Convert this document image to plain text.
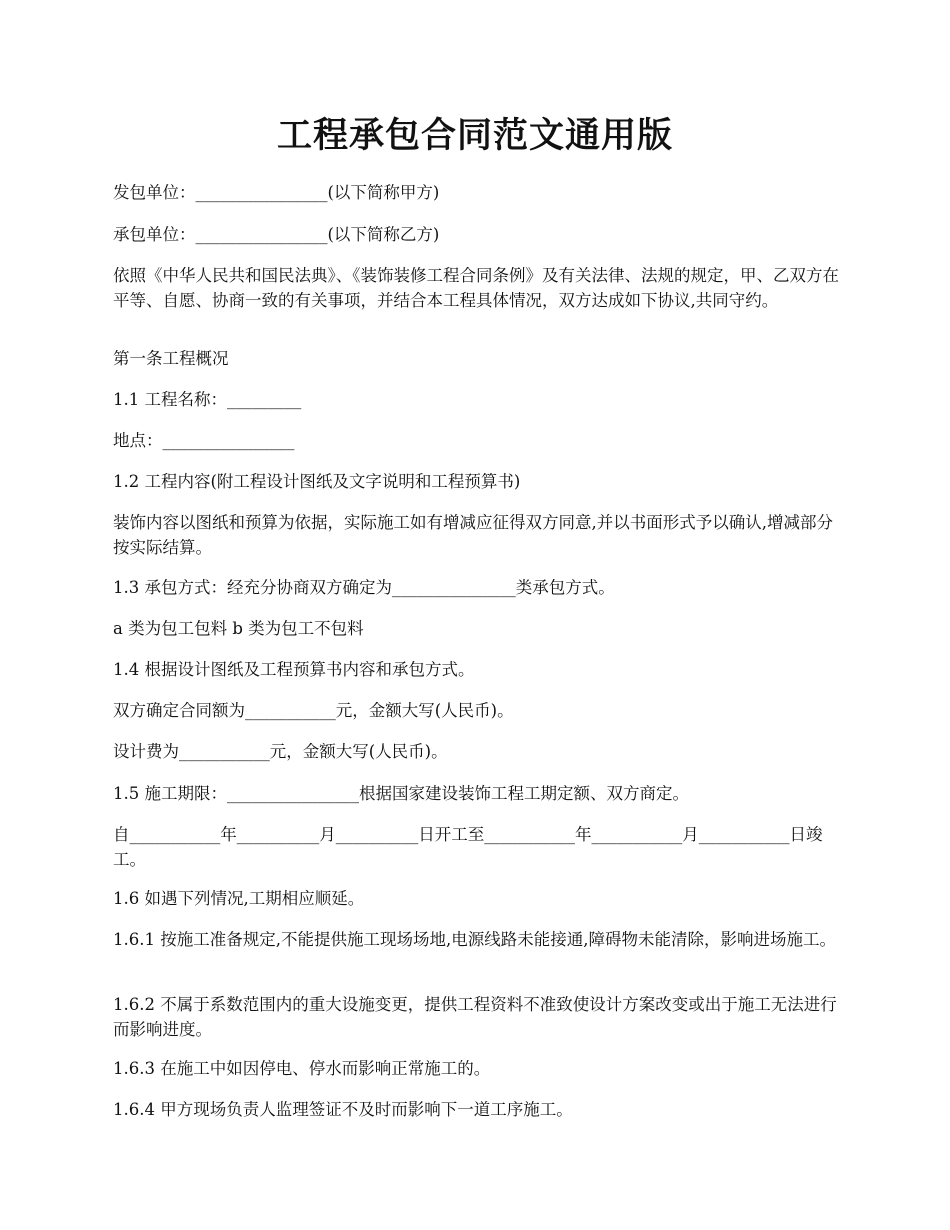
工程承包合同范文通用版

发包单位：________________(以下简称甲方)

承包单位：________________(以下简称乙方)

依照《中华人民共和国民法典》、《装饰装修工程合同条例》及有关法律、法规的规定，甲、乙双方在平等、自愿、协商一致的有关事项，并结合本工程具体情况，双方达成如下协议,共同守约。

第一条工程概况

1.1 工程名称：_________

地点：________________

1.2 工程内容(附工程设计图纸及文字说明和工程预算书)

装饰内容以图纸和预算为依据，实际施工如有增减应征得双方同意,并以书面形式予以确认,增减部分按实际结算。

1.3 承包方式：经充分协商双方确定为_______________类承包方式。

a 类为包工包料 b 类为包工不包料

1.4 根据设计图纸及工程预算书内容和承包方式。

双方确定合同额为___________元，金额大写(人民币)。

设计费为___________元，金额大写(人民币)。

1.5 施工期限：________________根据国家建设装饰工程工期定额、双方商定。

自___________年__________月__________日开工至___________年___________月___________日竣工。

1.6 如遇下列情况,工期相应顺延。

1.6.1 按施工准备规定,不能提供施工现场场地,电源线路未能接通,障碍物未能清除，影响进场施工。

1.6.2 不属于系数范围内的重大设施变更，提供工程资料不准致使设计方案改变或出于施工无法进行而影响进度。

1.6.3 在施工中如因停电、停水而影响正常施工的。

1.6.4 甲方现场负责人监理签证不及时而影响下一道工序施工。
